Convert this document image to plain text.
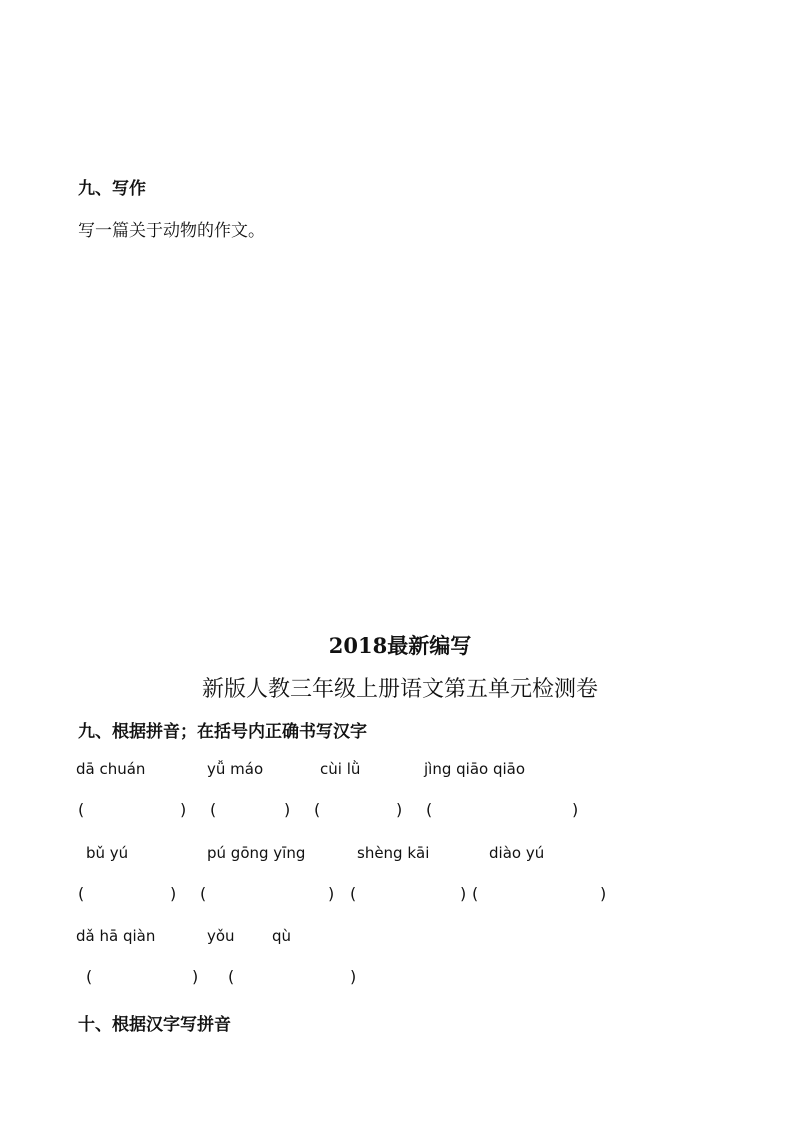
九、写作
写一篇关于动物的作文。
2018最新编写
新版人教三年级上册语文第五单元检测卷
九、根据拼音；在括号内正确书写汉字
dā chuán	yǚ máo	cùi lǜ	jìng qiāo qiāo
(	) (	) (	) (	)
bǔ yú	pú gōng yīng	shèng kāi	diào yú
(	) (	) (	) (	)
dǎ hā qiàn	yǒu qù
(	) (	)
十、根据汉字写拼音
